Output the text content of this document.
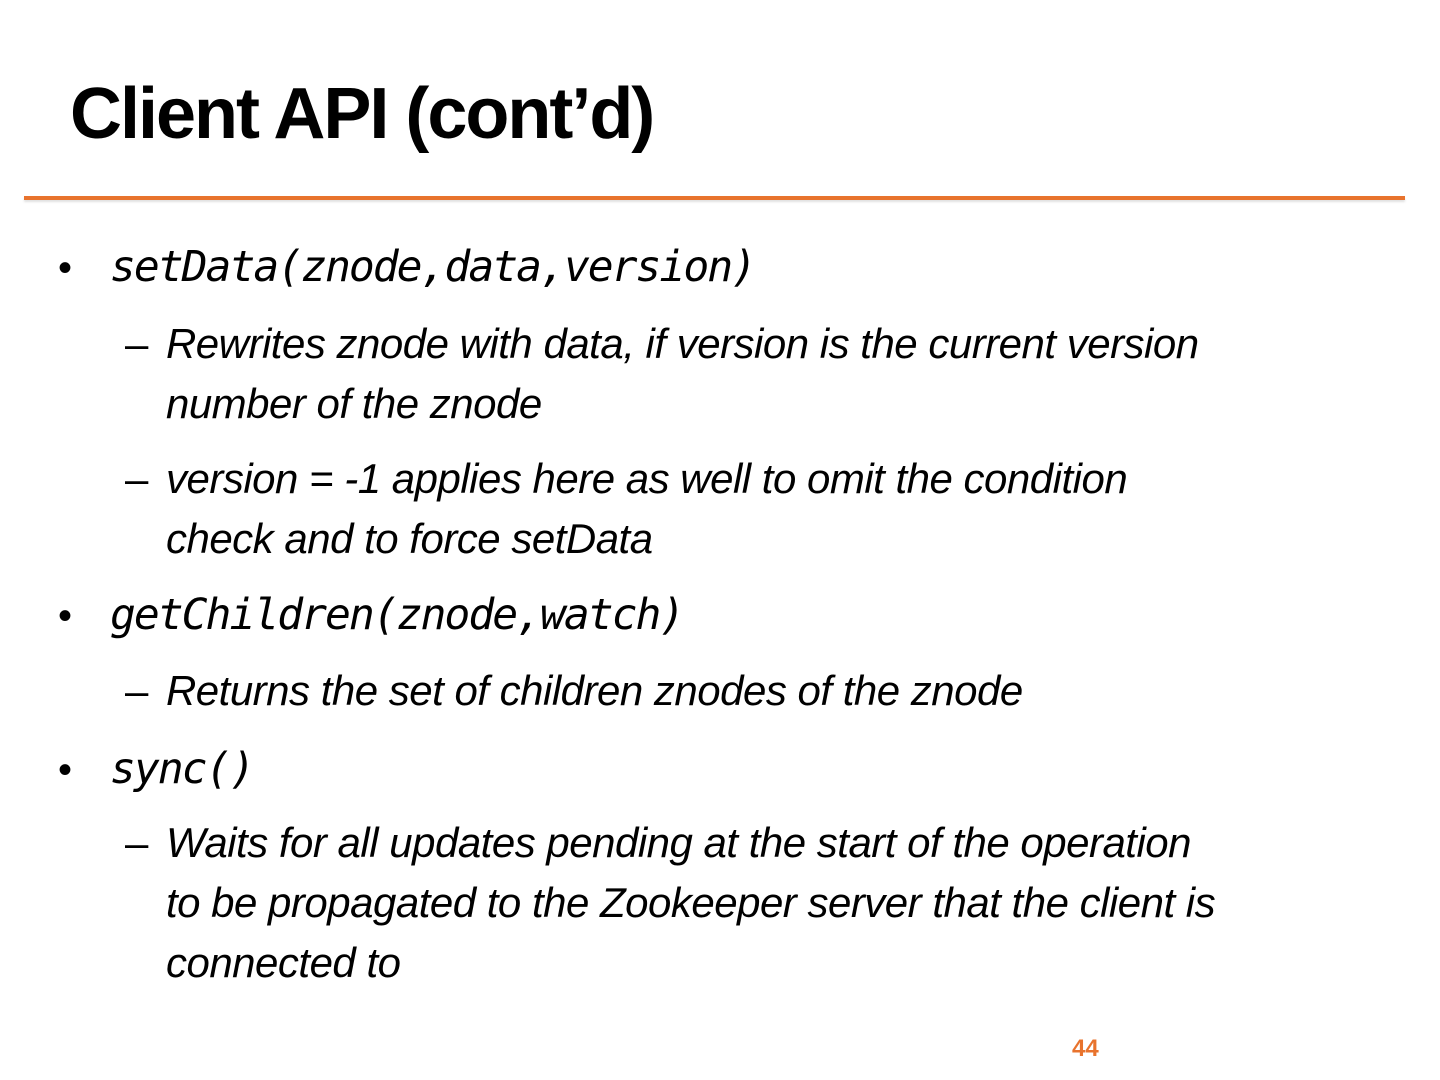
Client API (cont’d)
• setData(znode,data,version)
– Rewrites znode with data, if version is the current version
number of the znode
– version = -1 applies here as well to omit the condition
check and to force setData
• getChildren(znode,watch)
– Returns the set of children znodes of the znode
• sync()
– Waits for all updates pending at the start of the operation
to be propagated to the Zookeeper server that the client is
connected to
44
